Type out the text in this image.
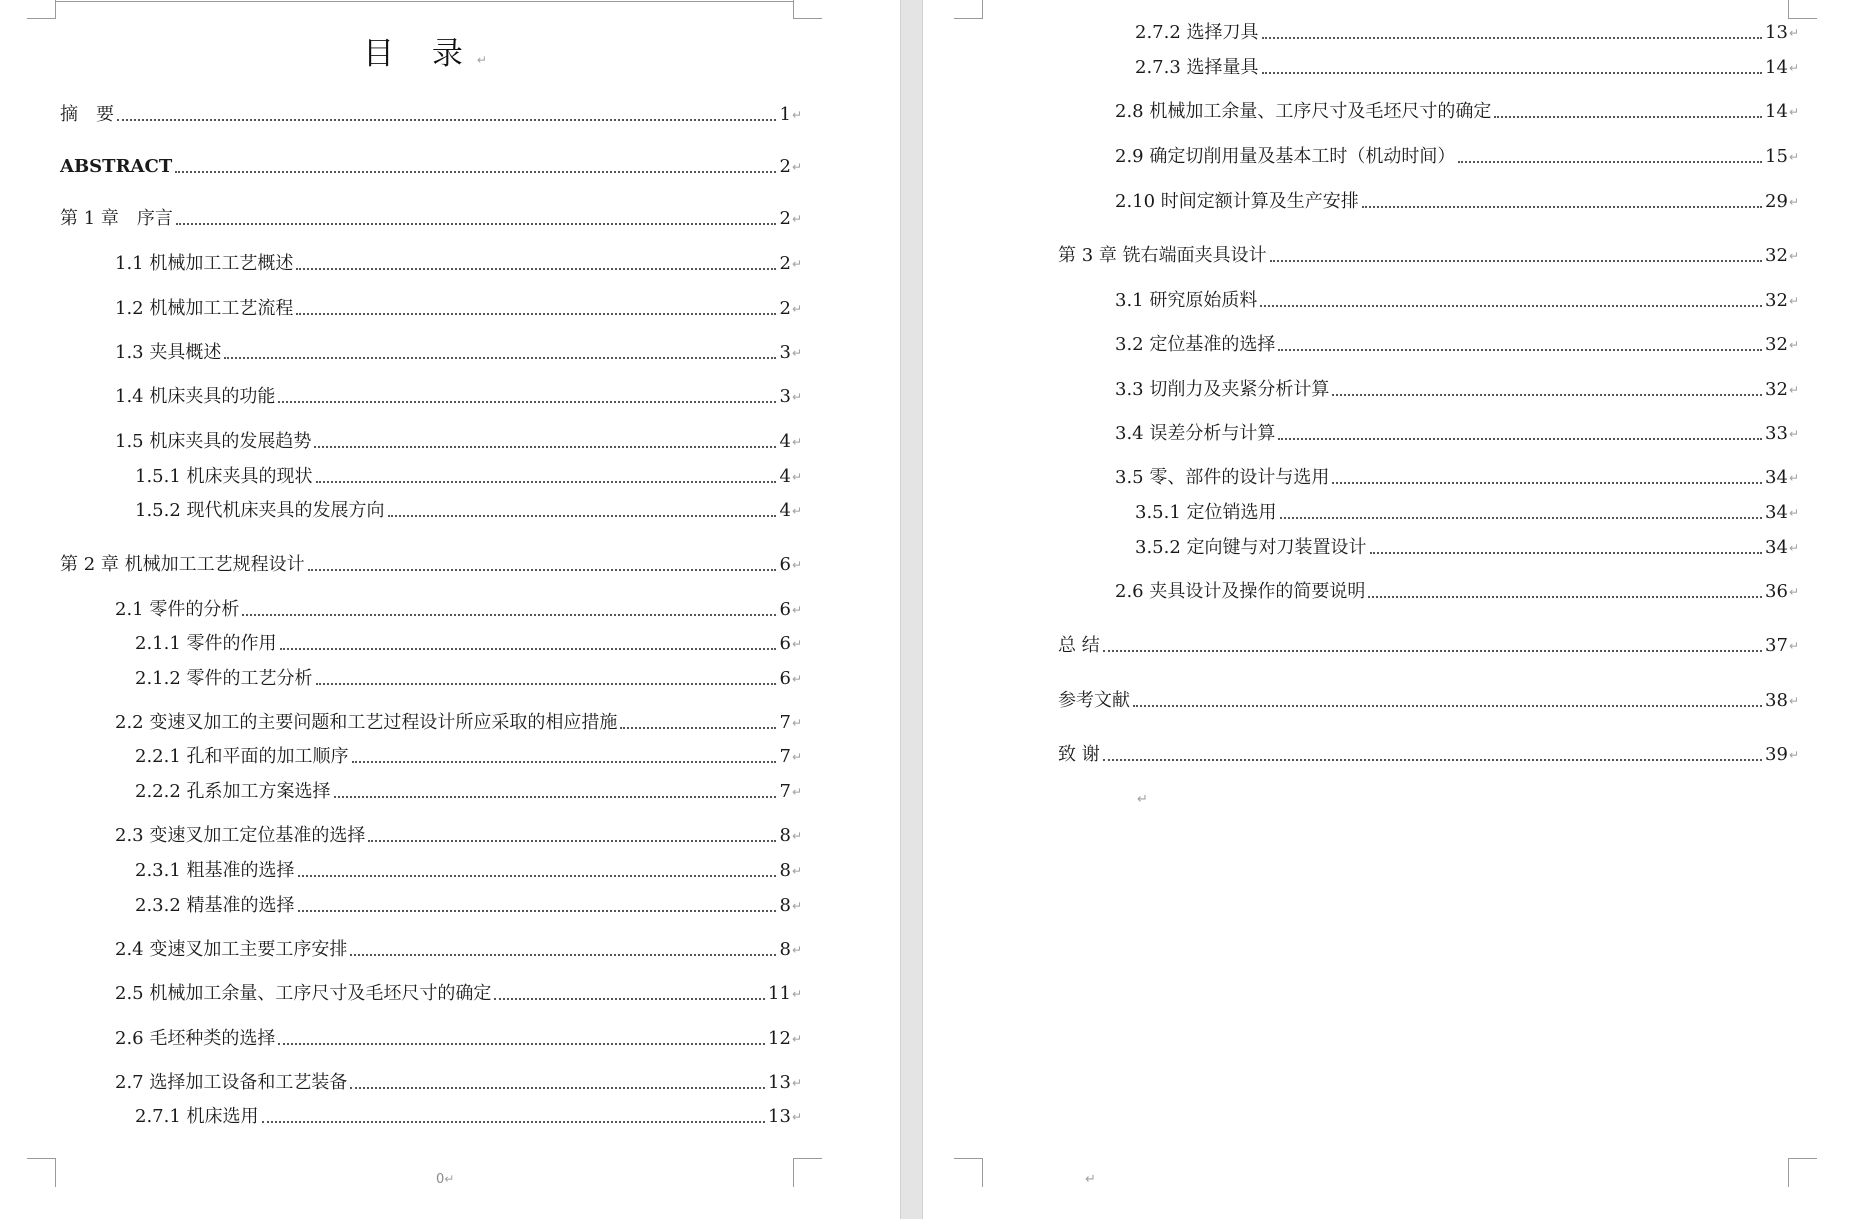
目 录↵
摘　要	1 ↵
ABSTRACT	2 ↵
第 1 章　序言	2 ↵
1.1 机械加工工艺概述	2 ↵
1.2 机械加工工艺流程	2 ↵
1.3 夹具概述	3 ↵
1.4 机床夹具的功能	3 ↵
1.5 机床夹具的发展趋势	4 ↵
1.5.1 机床夹具的现状	4 ↵
1.5.2 现代机床夹具的发展方向	4 ↵
第 2 章 机械加工工艺规程设计	6 ↵
2.1 零件的分析	6 ↵
2.1.1 零件的作用	6 ↵
2.1.2 零件的工艺分析	6 ↵
2.2 变速叉加工的主要问题和工艺过程设计所应采取的相应措施	7 ↵
2.2.1 孔和平面的加工顺序	7 ↵
2.2.2 孔系加工方案选择	7 ↵
2.3 变速叉加工定位基准的选择	8 ↵
2.3.1 粗基准的选择	8 ↵
2.3.2 精基准的选择	8 ↵
2.4 变速叉加工主要工序安排	8 ↵
2.5 机械加工余量、工序尺寸及毛坯尺寸的确定	11 ↵
2.6 毛坯种类的选择	12 ↵
2.7 选择加工设备和工艺装备	13 ↵
2.7.1 机床选用	13 ↵
0↵
2.7.2 选择刀具	13 ↵
2.7.3 选择量具	14 ↵
2.8 机械加工余量、工序尺寸及毛坯尺寸的确定	14 ↵
2.9 确定切削用量及基本工时（机动时间）	15 ↵
2.10 时间定额计算及生产安排	29 ↵
第 3 章 铣右端面夹具设计	32 ↵
3.1 研究原始质料	32 ↵
3.2 定位基准的选择	32 ↵
3.3 切削力及夹紧分析计算	32 ↵
3.4 误差分析与计算	33 ↵
3.5 零、部件的设计与选用	34 ↵
3.5.1 定位销选用	34 ↵
3.5.2 定向键与对刀装置设计	34 ↵
2.6 夹具设计及操作的简要说明	36 ↵
总 结	37 ↵
参考文献	38 ↵
致 谢	39 ↵
↵
↵
